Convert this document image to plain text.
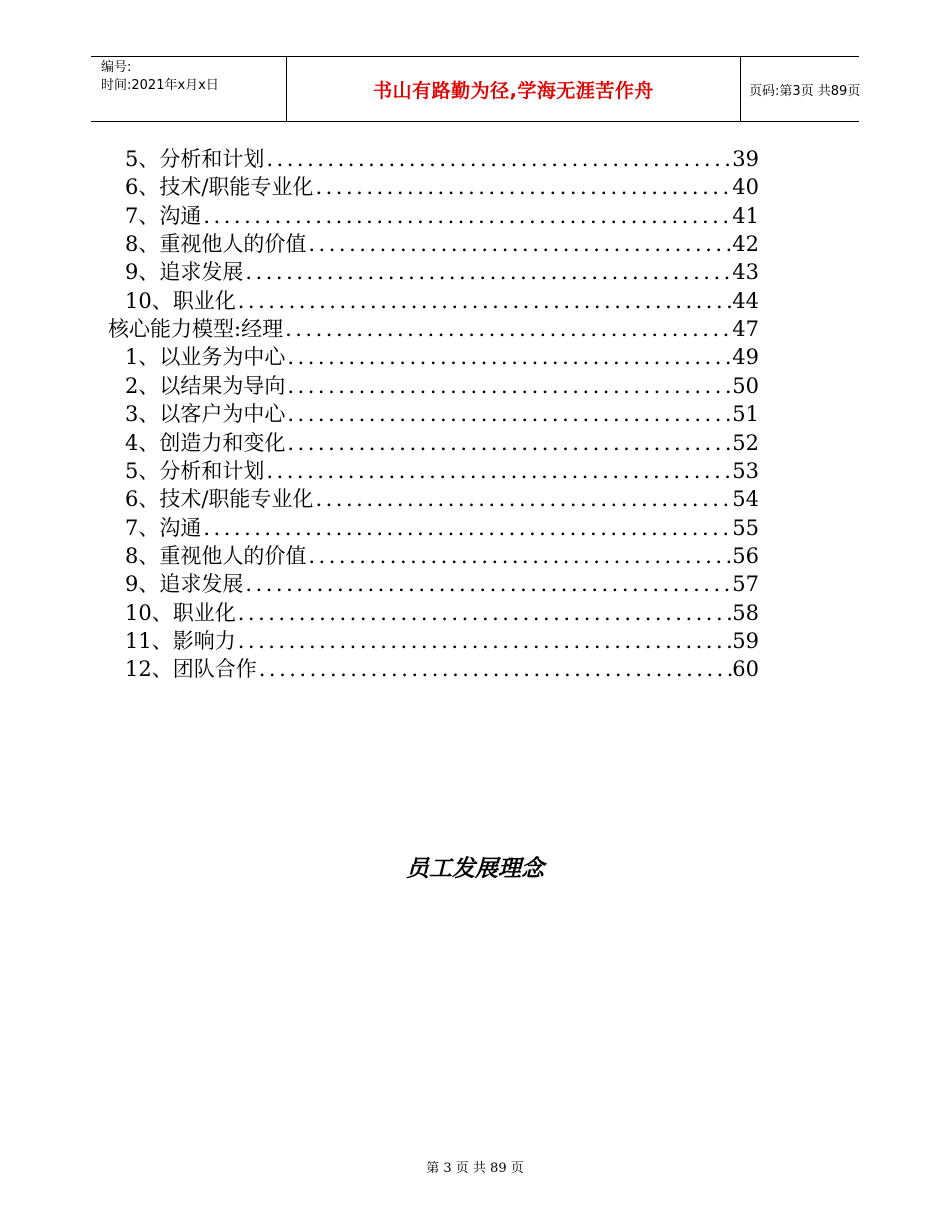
编号:
时间:2021年x月x日	书山有路勤为径,学海无涯苦作舟	页码:第3页 共89页
5、分析和计划 .....	39
6、技术/职能专业化 .....	40
7、沟通 .....	41
8、重视他人的价值 .....	42
9、追求发展 .....	43
10、职业化 .....	44
核心能力模型:经理 .....	47
1、以业务为中心 .....	49
2、以结果为导向 .....	50
3、以客户为中心 .....	51
4、创造力和变化 .....	52
5、分析和计划 .....	53
6、技术/职能专业化 .....	54
7、沟通 .....	55
8、重视他人的价值 .....	56
9、追求发展 .....	57
10、职业化 .....	58
11、影响力 .....	59
12、团队合作 .....	60
员工发展理念
第 3 页 共 89 页
